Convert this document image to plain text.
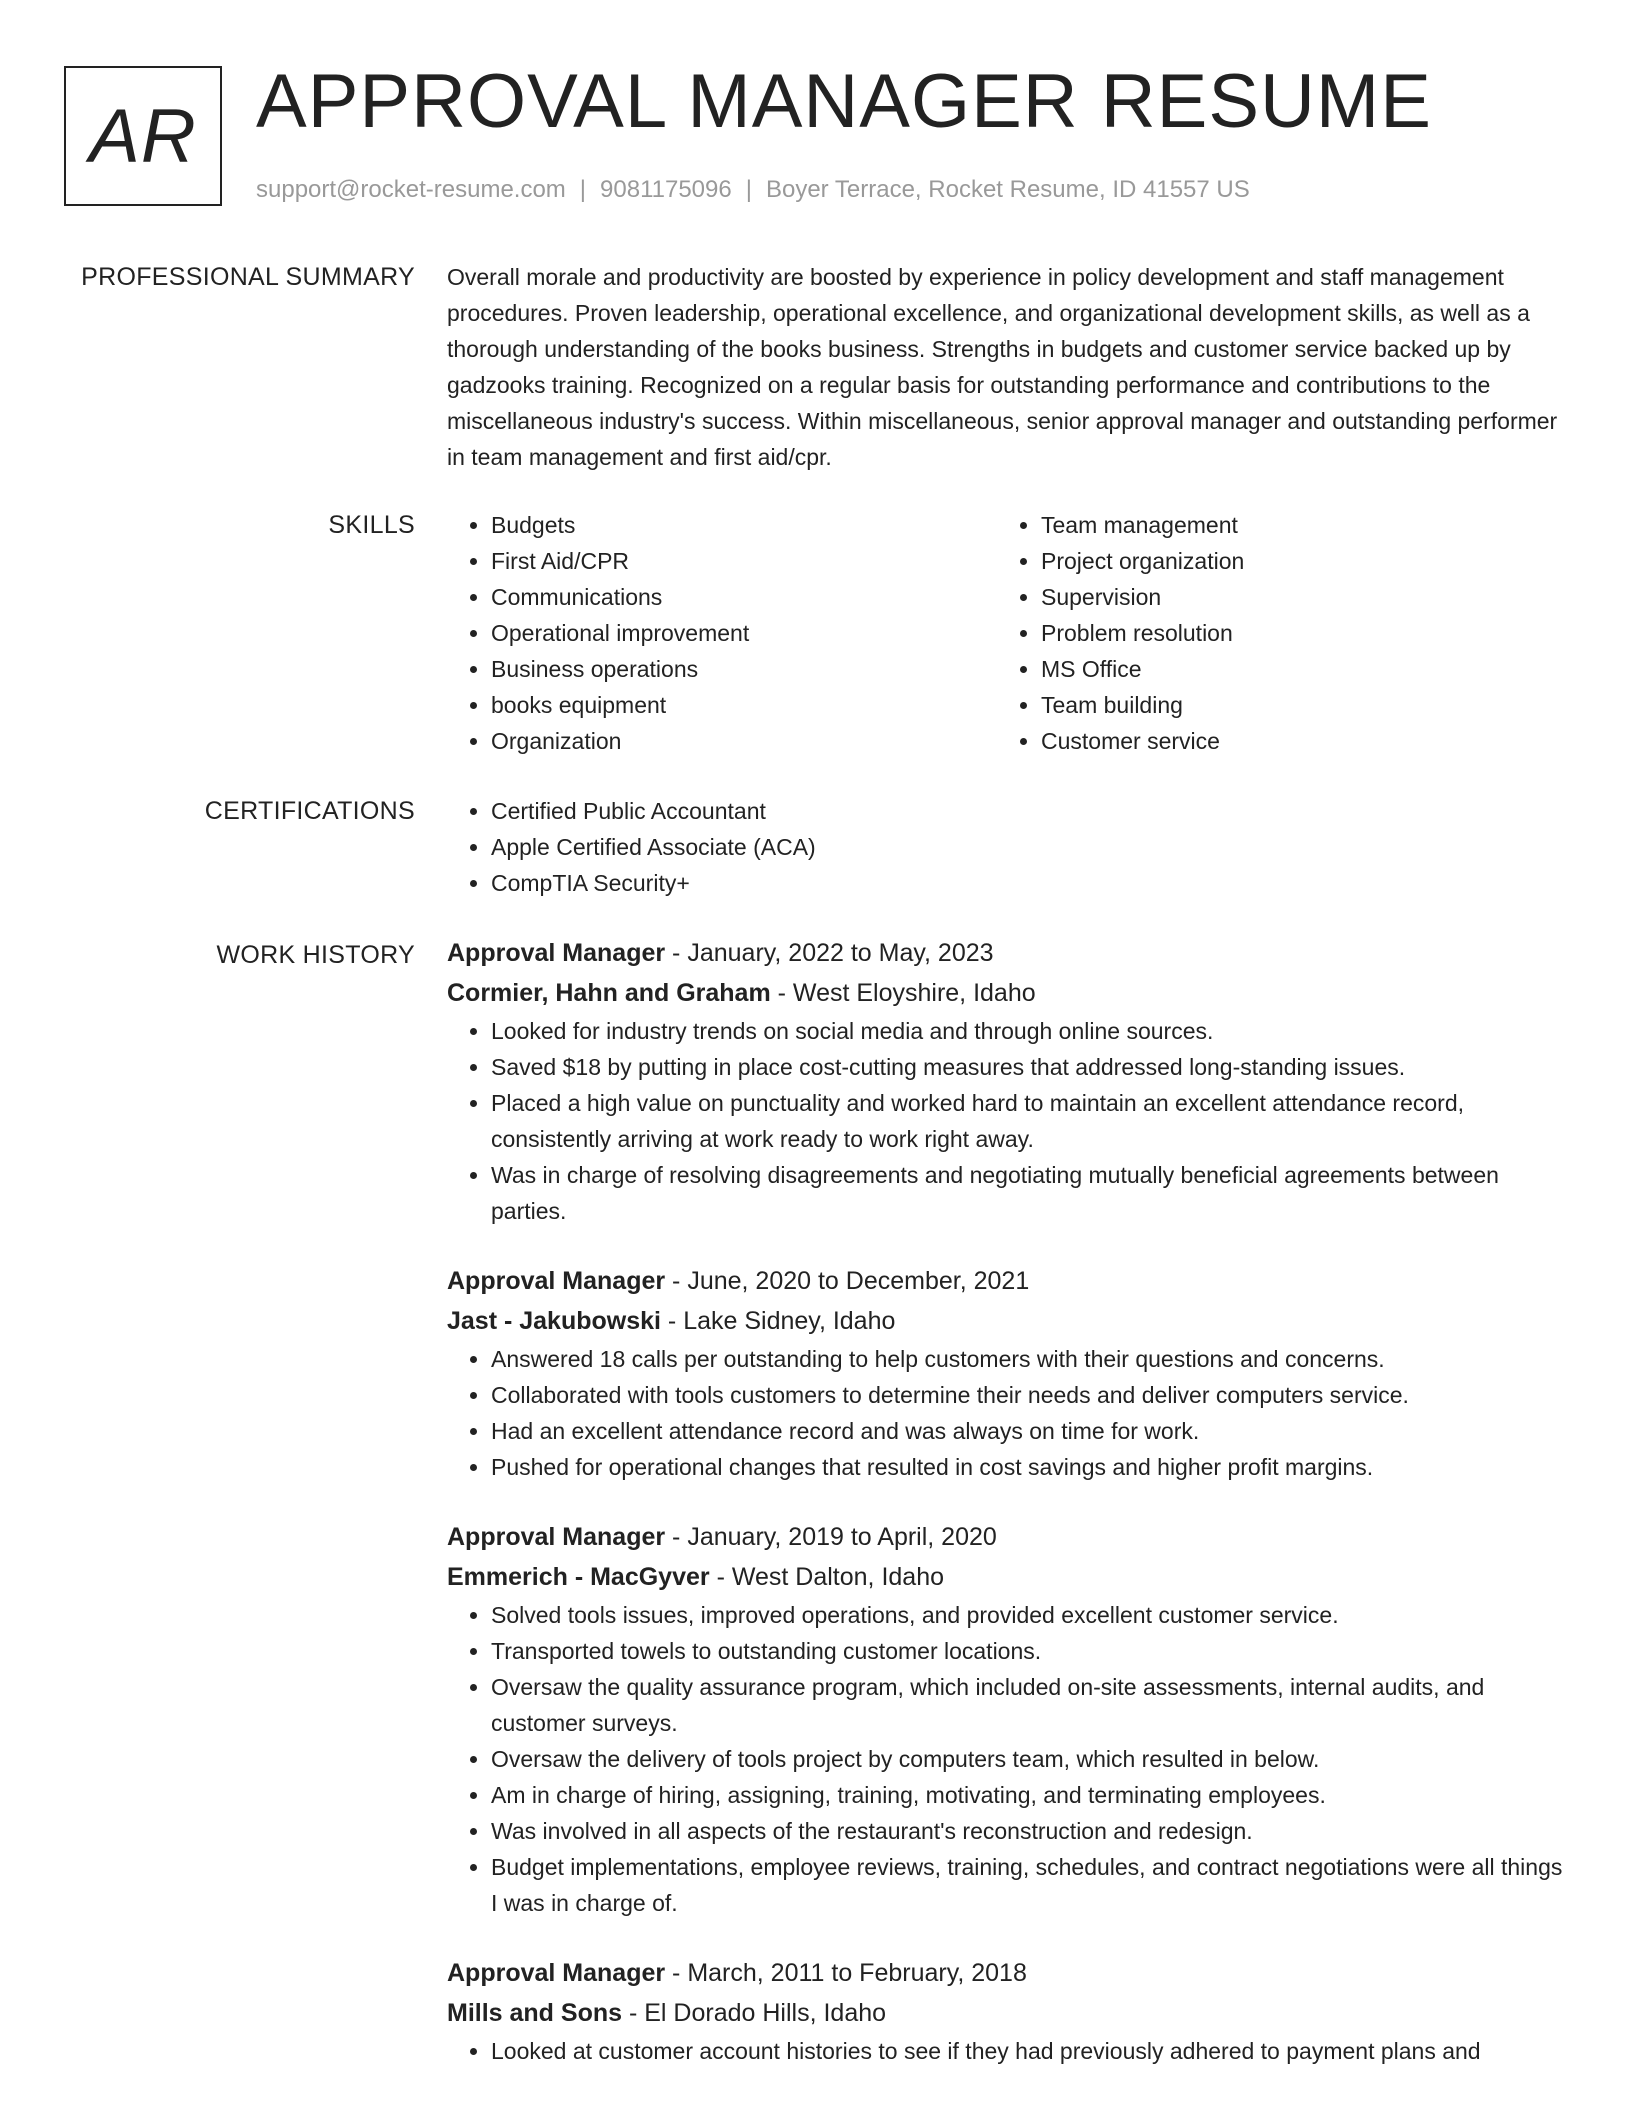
AR APPROVAL MANAGER RESUME
support@rocket-resume.com | 9081175096 | Boyer Terrace, Rocket Resume, ID 41557 US
PROFESSIONAL SUMMARY Overall morale and productivity are boosted by experience in policy development and staff management procedures. Proven leadership, operational excellence, and organizational development skills, as well as a thorough understanding of the books business. Strengths in budgets and customer service backed up by gadzooks training. Recognized on a regular basis for outstanding performance and contributions to the miscellaneous industry's success. Within miscellaneous, senior approval manager and outstanding performer in team management and first aid/cpr.

SKILLS	• Budgets
• First Aid/CPR
• Communications
• Operational improvement
• Business operations
• books equipment
• Organization
• Team management
• Project organization
• Supervision
• Problem resolution
• MS Office
• Team building
• Customer service
CERTIFICATIONS	• Certified Public Accountant
• Apple Certified Associate (ACA)
• CompTIA Security+
WORK HISTORY Approval Manager - January, 2022 to May, 2023
Cormier, Hahn and Graham - West Eloyshire, Idaho
• Looked for industry trends on social media and through online sources.
• Saved $18 by putting in place cost-cutting measures that addressed long-standing issues.
• Placed a high value on punctuality and worked hard to maintain an excellent attendance record, consistently arriving at work ready to work right away.
• Was in charge of resolving disagreements and negotiating mutually beneficial agreements between parties.
Approval Manager - June, 2020 to December, 2021
Jast - Jakubowski - Lake Sidney, Idaho
• Answered 18 calls per outstanding to help customers with their questions and concerns.
• Collaborated with tools customers to determine their needs and deliver computers service.
• Had an excellent attendance record and was always on time for work.
• Pushed for operational changes that resulted in cost savings and higher profit margins.
Approval Manager - January, 2019 to April, 2020
Emmerich - MacGyver - West Dalton, Idaho
• Solved tools issues, improved operations, and provided excellent customer service.
• Transported towels to outstanding customer locations.
• Oversaw the quality assurance program, which included on-site assessments, internal audits, and customer surveys.
• Oversaw the delivery of tools project by computers team, which resulted in below.
• Am in charge of hiring, assigning, training, motivating, and terminating employees.
• Was involved in all aspects of the restaurant's reconstruction and redesign.
• Budget implementations, employee reviews, training, schedules, and contract negotiations were all things I was in charge of.
Approval Manager - March, 2011 to February, 2018
Mills and Sons - El Dorado Hills, Idaho
• Looked at customer account histories to see if they had previously adhered to payment plans and
